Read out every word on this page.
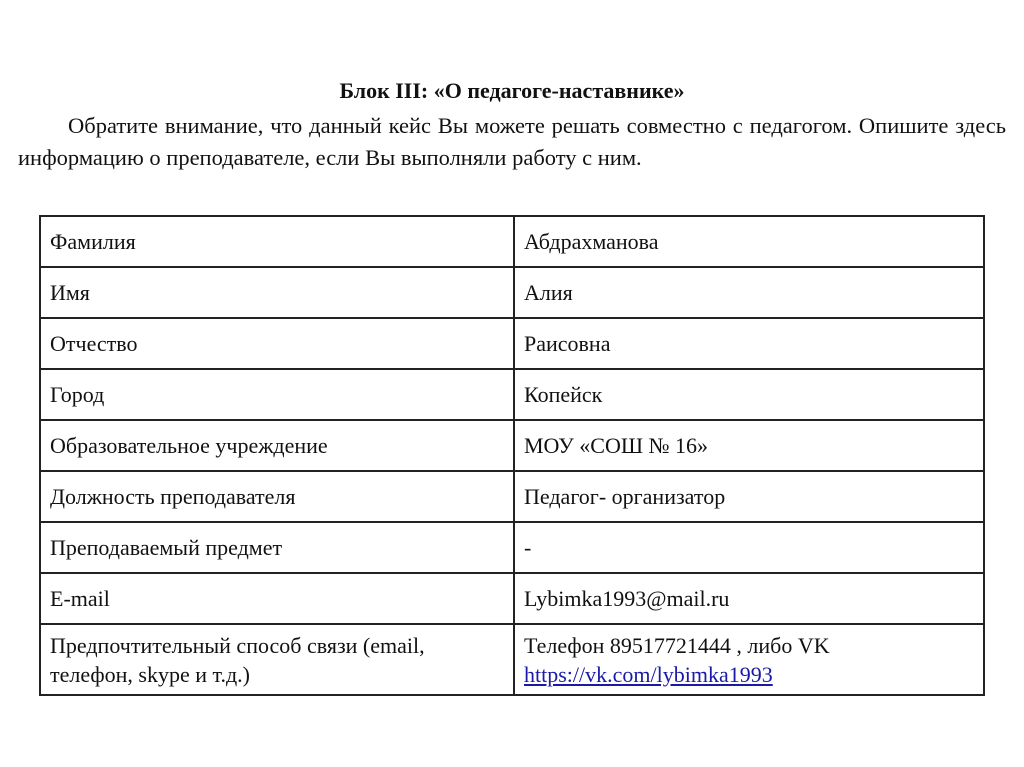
Блок III: «О педагоге-наставнике»
Обратите внимание, что данный кейс Вы можете решать совместно с педагогом. Опишите здесь информацию о преподавателе, если Вы выполняли работу с ним.
Фамилия	Абдрахманова
Имя	Алия
Отчество	Раисовна
Город	Копейск
Образовательное учреждение	МОУ «СОШ № 16»
Должность преподавателя	Педагог- организатор
Преподаваемый предмет	-
E-mail	Lybimka1993@mail.ru
Предпочтительный способ связи (email, телефон, skype и т.д.)	Телефон 89517721444 , либо VK
https://vk.com/lybimka1993
